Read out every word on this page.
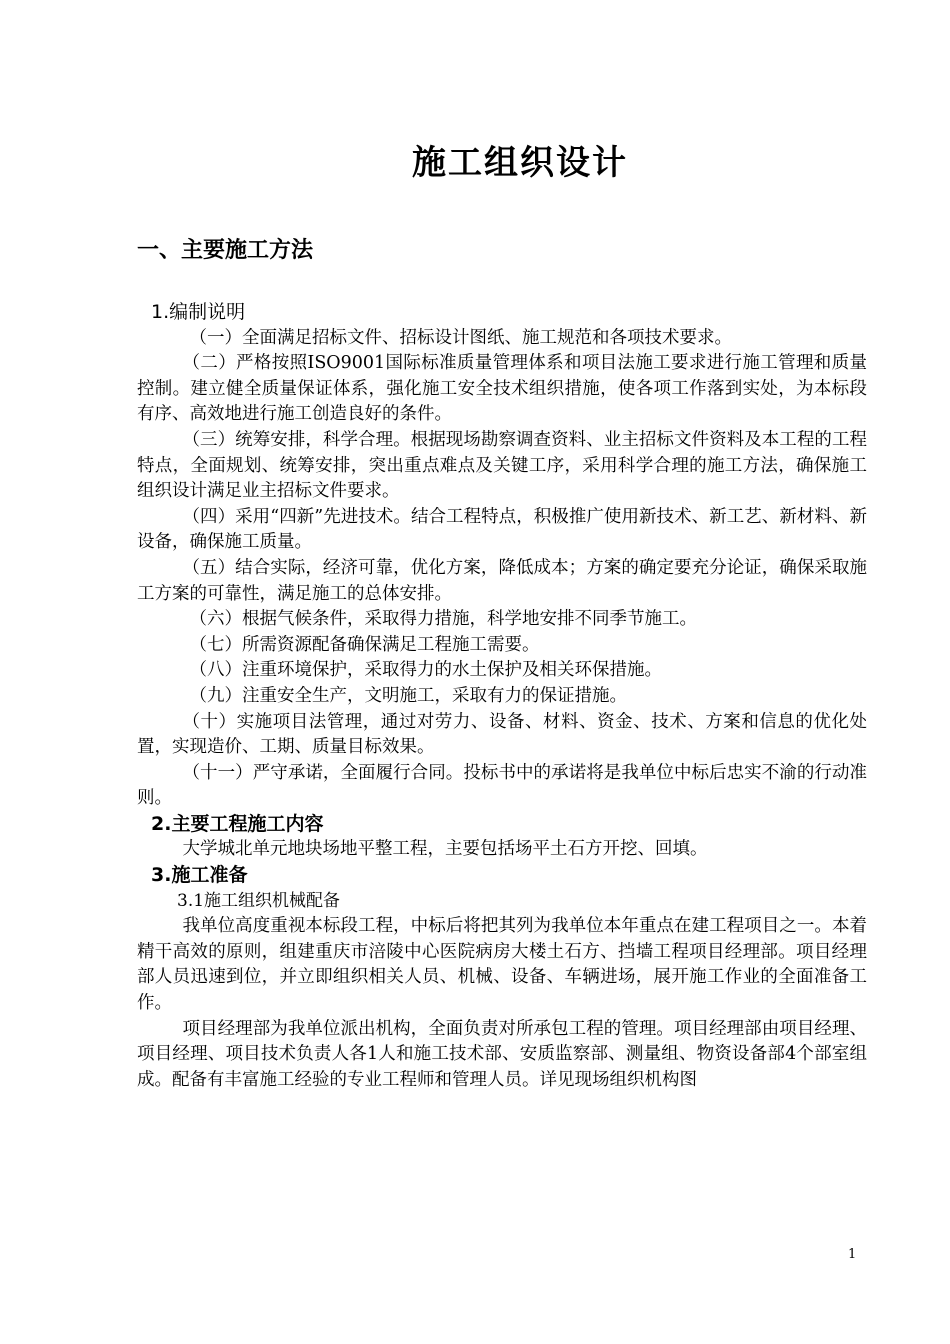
施工组织设计
一、主要施工方法

1.编制说明

（一）全面满足招标文件、招标设计图纸、施工规范和各项技术要求。

（二）严格按照ISO9001国际标准质量管理体系和项目法施工要求进行施工管理和质量控制。建立健全质量保证体系，强化施工安全技术组织措施，使各项工作落到实处，为本标段有序、高效地进行施工创造良好的条件。

（三）统筹安排，科学合理。根据现场勘察调查资料、业主招标文件资料及本工程的工程特点，全面规划、统筹安排，突出重点难点及关键工序，采用科学合理的施工方法，确保施工组织设计满足业主招标文件要求。

（四）采用“四新”先进技术。结合工程特点，积极推广使用新技术、新工艺、新材料、新设备，确保施工质量。

（五）结合实际，经济可靠，优化方案，降低成本；方案的确定要充分论证，确保采取施工方案的可靠性，满足施工的总体安排。

（六）根据气候条件，采取得力措施，科学地安排不同季节施工。

（七）所需资源配备确保满足工程施工需要。

（八）注重环境保护，采取得力的水土保护及相关环保措施。

（九）注重安全生产，文明施工，采取有力的保证措施。

（十）实施项目法管理，通过对劳力、设备、材料、资金、技术、方案和信息的优化处置，实现造价、工期、质量目标效果。

（十一）严守承诺，全面履行合同。投标书中的承诺将是我单位中标后忠实不渝的行动准则。

2.主要工程施工内容

大学城北单元地块场地平整工程，主要包括场平土石方开挖、回填。

3.施工准备

3.1施工组织机械配备

我单位高度重视本标段工程，中标后将把其列为我单位本年重点在建工程项目之一。本着精干高效的原则，组建重庆市涪陵中心医院病房大楼土石方、挡墙工程项目经理部。项目经理部人员迅速到位，并立即组织相关人员、机械、设备、车辆进场，展开施工作业的全面准备工作。

项目经理部为我单位派出机构，全面负责对所承包工程的管理。项目经理部由项目经理、项目经理、项目技术负责人各1人和施工技术部、安质监察部、测量组、物资设备部4个部室组成。配备有丰富施工经验的专业工程师和管理人员。详见现场组织机构图

1
